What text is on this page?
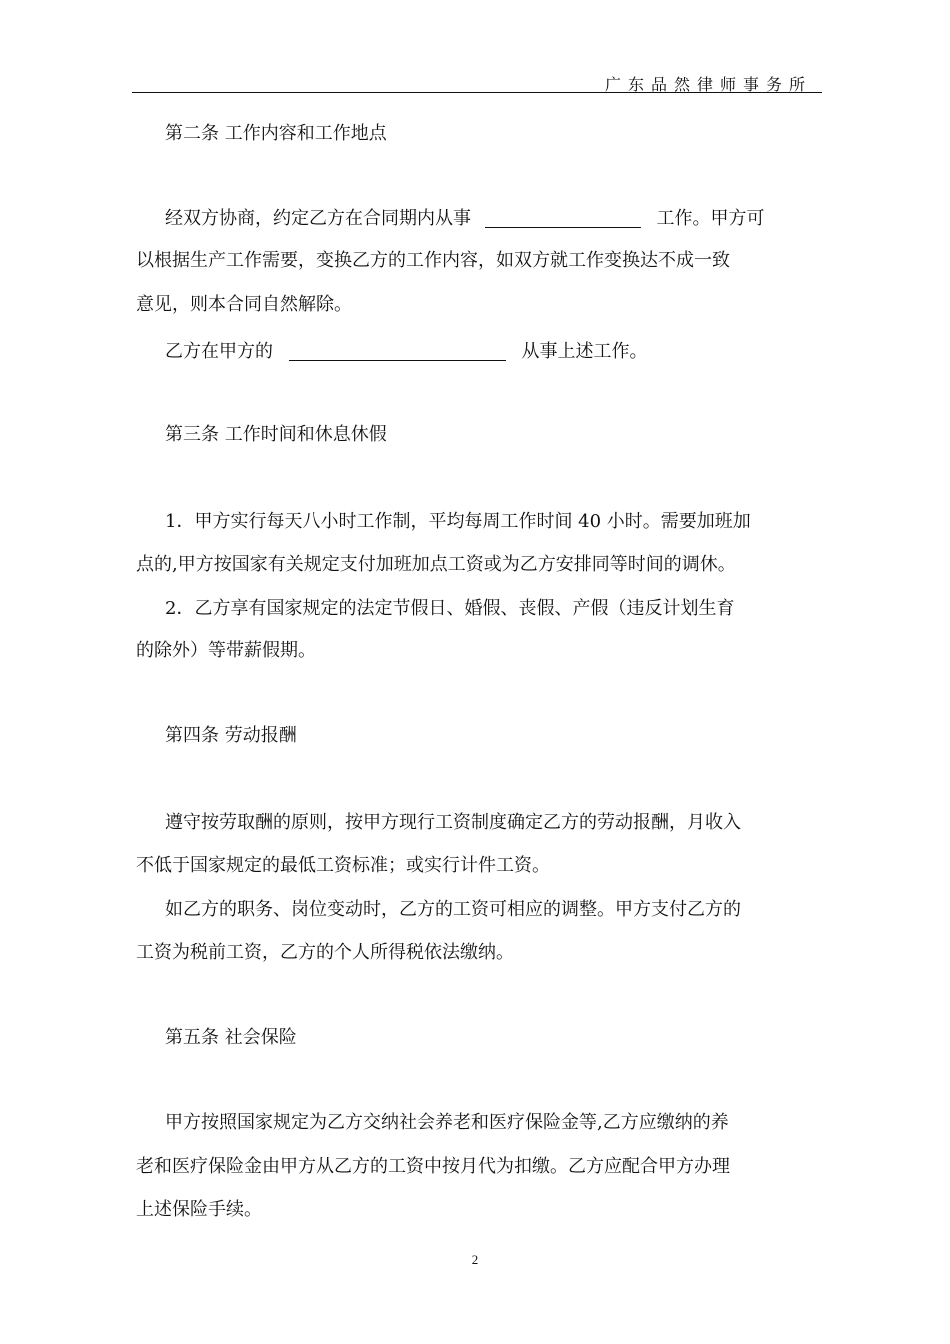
广东品然律师事务所
第二条 工作内容和工作地点
经双方协商，约定乙方在合同期内从事	工作。甲方可
以根据生产工作需要，变换乙方的工作内容，如双方就工作变换达不成一致
意见，则本合同自然解除。
乙方在甲方的	从事上述工作。
第三条 工作时间和休息休假
1．甲方实行每天八小时工作制，平均每周工作时间 40 小时。需要加班加
点的,甲方按国家有关规定支付加班加点工资或为乙方安排同等时间的调休。
2．乙方享有国家规定的法定节假日、婚假、丧假、产假（违反计划生育
的除外）等带薪假期。
第四条 劳动报酬
遵守按劳取酬的原则，按甲方现行工资制度确定乙方的劳动报酬，月收入
不低于国家规定的最低工资标准；或实行计件工资。
如乙方的职务、岗位变动时，乙方的工资可相应的调整。甲方支付乙方的
工资为税前工资，乙方的个人所得税依法缴纳。
第五条 社会保险
甲方按照国家规定为乙方交纳社会养老和医疗保险金等,乙方应缴纳的养
老和医疗保险金由甲方从乙方的工资中按月代为扣缴。乙方应配合甲方办理
上述保险手续。
2
